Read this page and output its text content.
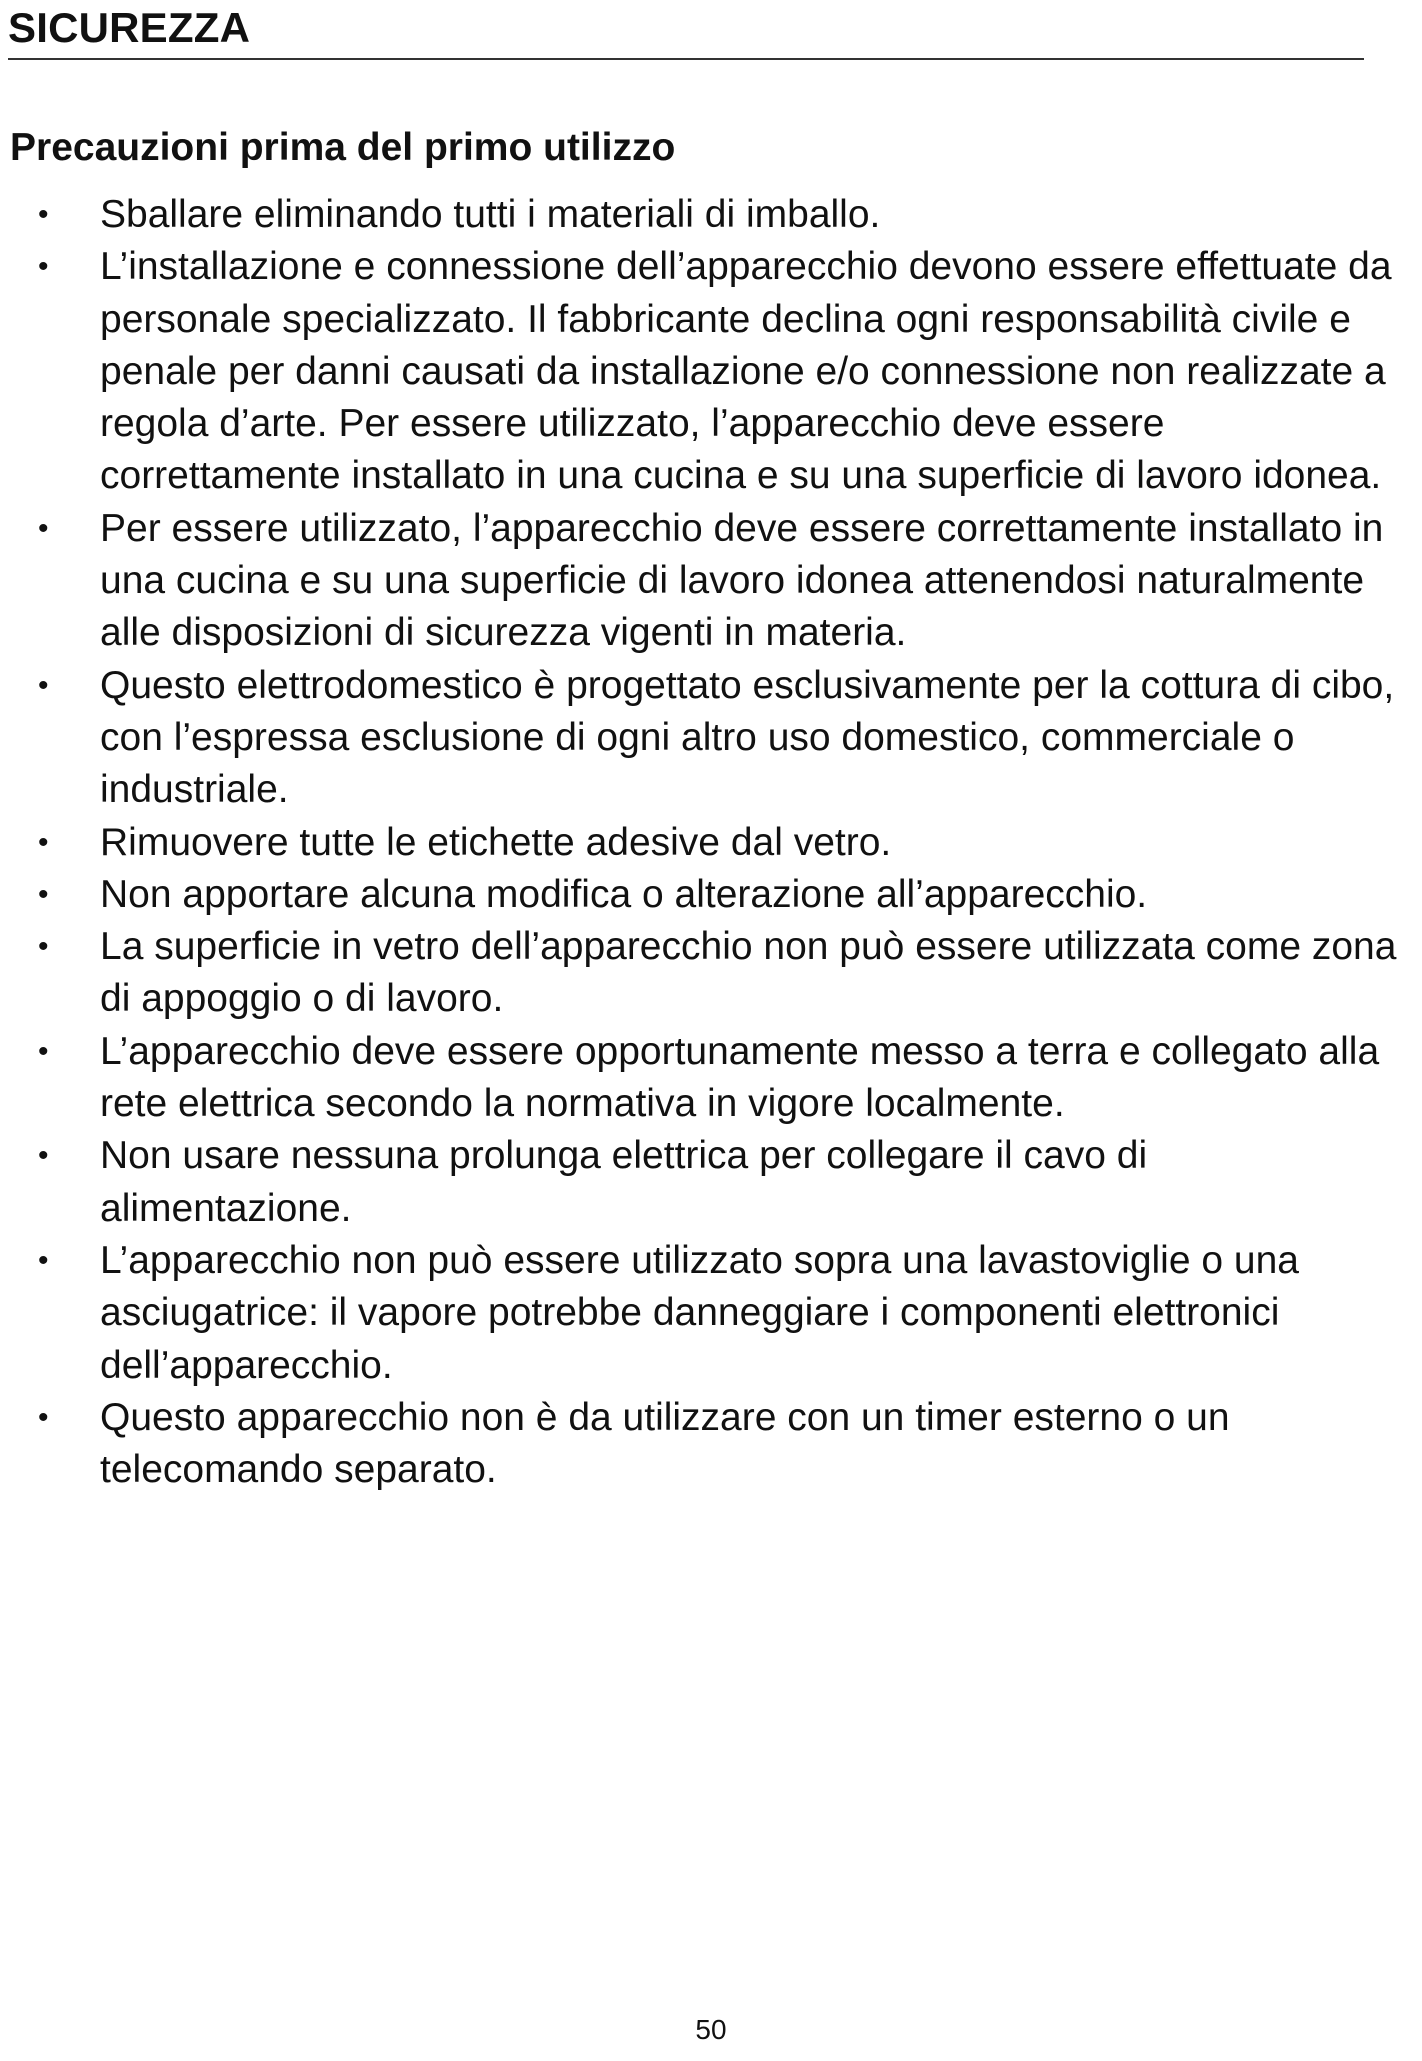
SICUREZZA
Precauzioni prima del primo utilizzo
• Sballare eliminando tutti i materiali di imballo.
• L’installazione e connessione dell’apparecchio devono essere effettuate da personale specializzato. Il fabbricante declina ogni responsabilità civile e penale per danni causati da installazione e/o connessione non realizzate a regola d’arte. Per essere utilizzato, l’apparecchio deve essere correttamente installato in una cucina e su una superficie di lavoro idonea.
• Per essere utilizzato, l’apparecchio deve essere correttamente installato in una cucina e su una superficie di lavoro idonea attenendosi naturalmente alle disposizioni di sicurezza vigenti in materia.
• Questo elettrodomestico è progettato esclusivamente per la cottura di cibo, con l’espressa esclusione di ogni altro uso domestico, commerciale o industriale.
• Rimuovere tutte le etichette adesive dal vetro.
• Non apportare alcuna modifica o alterazione all’apparecchio.
• La superficie in vetro dell’apparecchio non può essere utilizzata come zona di appoggio o di lavoro.
• L’apparecchio deve essere opportunamente messo a terra e collegato alla rete elettrica secondo la normativa in vigore localmente.
• Non usare nessuna prolunga elettrica per collegare il cavo di alimentazione.
• L’apparecchio non può essere utilizzato sopra una lavastoviglie o una asciugatrice: il vapore potrebbe danneggiare i componenti elettronici dell’apparecchio.
• Questo apparecchio non è da utilizzare con un timer esterno o un telecomando separato.
50
